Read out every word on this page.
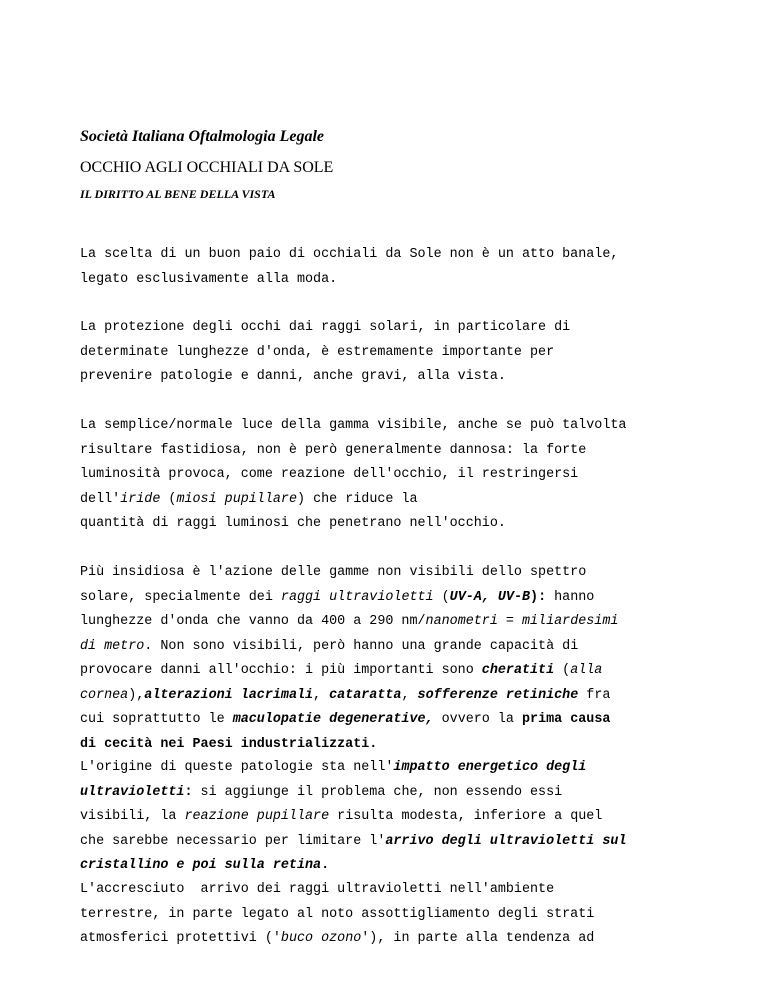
Società Italiana Oftalmologia Legale
OCCHIO AGLI OCCHIALI DA SOLE
IL DIRITTO AL BENE DELLA VISTA
La scelta di un buon paio di occhiali da Sole non è un atto banale,
legato esclusivamente alla moda.
La protezione degli occhi dai raggi solari, in particolare di
determinate lunghezze d'onda, è estremamente importante per
prevenire patologie e danni, anche gravi, alla vista.
La semplice/normale luce della gamma visibile, anche se può talvolta
risultare fastidiosa, non è però generalmente dannosa: la forte
luminosità provoca, come reazione dell'occhio, il restringersi
dell'iride (miosi pupillare) che riduce la
quantità di raggi luminosi che penetrano nell'occhio.
Più insidiosa è l'azione delle gamme non visibili dello spettro
solare, specialmente dei raggi ultravioletti (UV-A, UV-B): hanno
lunghezze d'onda che vanno da 400 a 290 nm/nanometri = miliardesimi
di metro. Non sono visibili, però hanno una grande capacità di
provocare danni all'occhio: i più importanti sono cheratiti (alla
cornea),alterazioni lacrimali, cataratta, sofferenze retiniche fra
cui soprattutto le maculopatie degenerative, ovvero la prima causa
di cecità nei Paesi industrializzati.
L'origine di queste patologie sta nell'impatto energetico degli
ultravioletti: si aggiunge il problema che, non essendo essi
visibili, la reazione pupillare risulta modesta, inferiore a quel
che sarebbe necessario per limitare l'arrivo degli ultravioletti sul
cristallino e poi sulla retina.
L'accresciuto  arrivo dei raggi ultravioletti nell'ambiente
terrestre, in parte legato al noto assottigliamento degli strati
atmosferici protettivi ('buco ozono'), in parte alla tendenza ad
